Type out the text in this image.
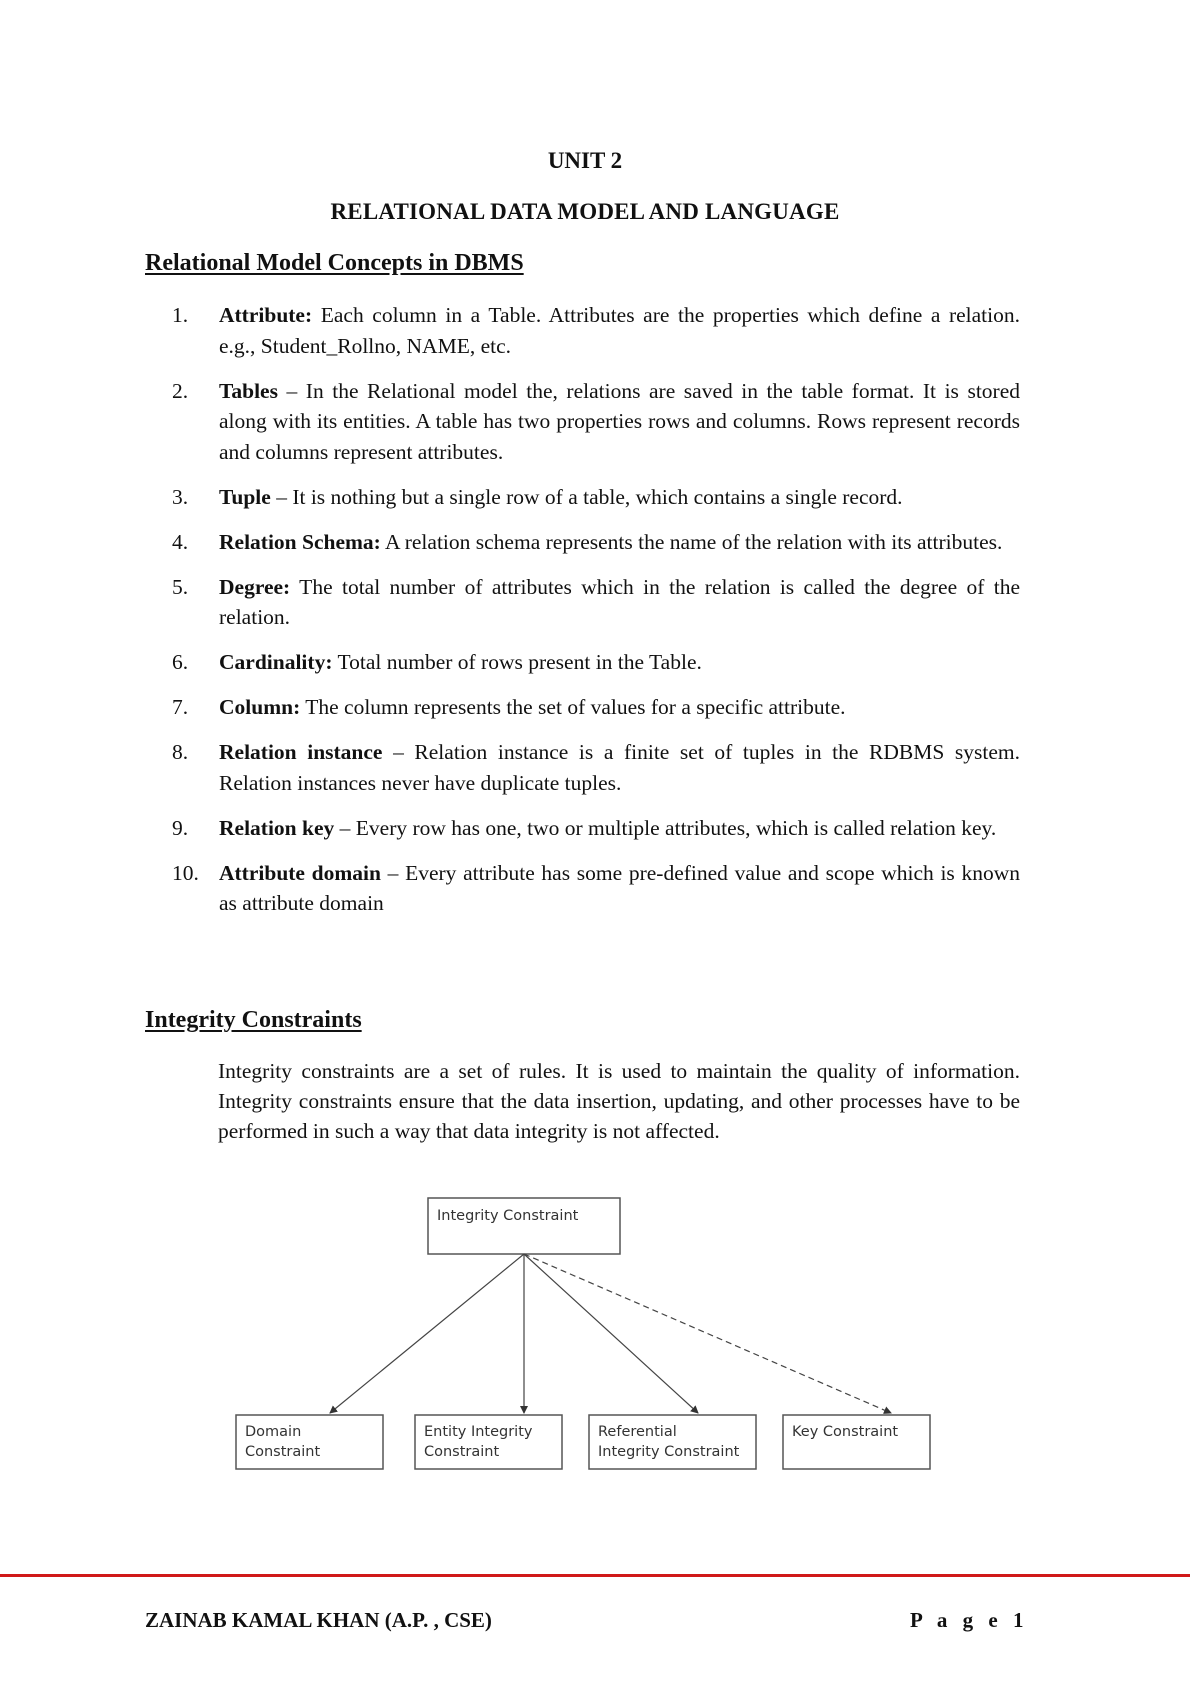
UNIT 2
RELATIONAL DATA MODEL AND LANGUAGE
Relational Model Concepts in DBMS
1. Attribute: Each column in a Table. Attributes are the properties which define a relation. e.g., Student_Rollno, NAME, etc.
2. Tables – In the Relational model the, relations are saved in the table format. It is stored along with its entities. A table has two properties rows and columns. Rows represent records and columns represent attributes.
3. Tuple – It is nothing but a single row of a table, which contains a single record.
4. Relation Schema: A relation schema represents the name of the relation with its attributes.
5. Degree: The total number of attributes which in the relation is called the degree of the relation.
6. Cardinality: Total number of rows present in the Table.
7. Column: The column represents the set of values for a specific attribute.
8. Relation instance – Relation instance is a finite set of tuples in the RDBMS system. Relation instances never have duplicate tuples.
9. Relation key – Every row has one, two or multiple attributes, which is called relation key.
10. Attribute domain – Every attribute has some pre-defined value and scope which is known as attribute domain
Integrity Constraints
Integrity constraints are a set of rules. It is used to maintain the quality of information. Integrity constraints ensure that the data insertion, updating, and other processes have to be performed in such a way that data integrity is not affected.
Integrity Constraint
Domain
Constraint
Entity Integrity
Constraint
Referential
Integrity Constraint
Key Constraint
ZAINAB KAMAL KHAN (A.P. , CSE)	P a g e 1
